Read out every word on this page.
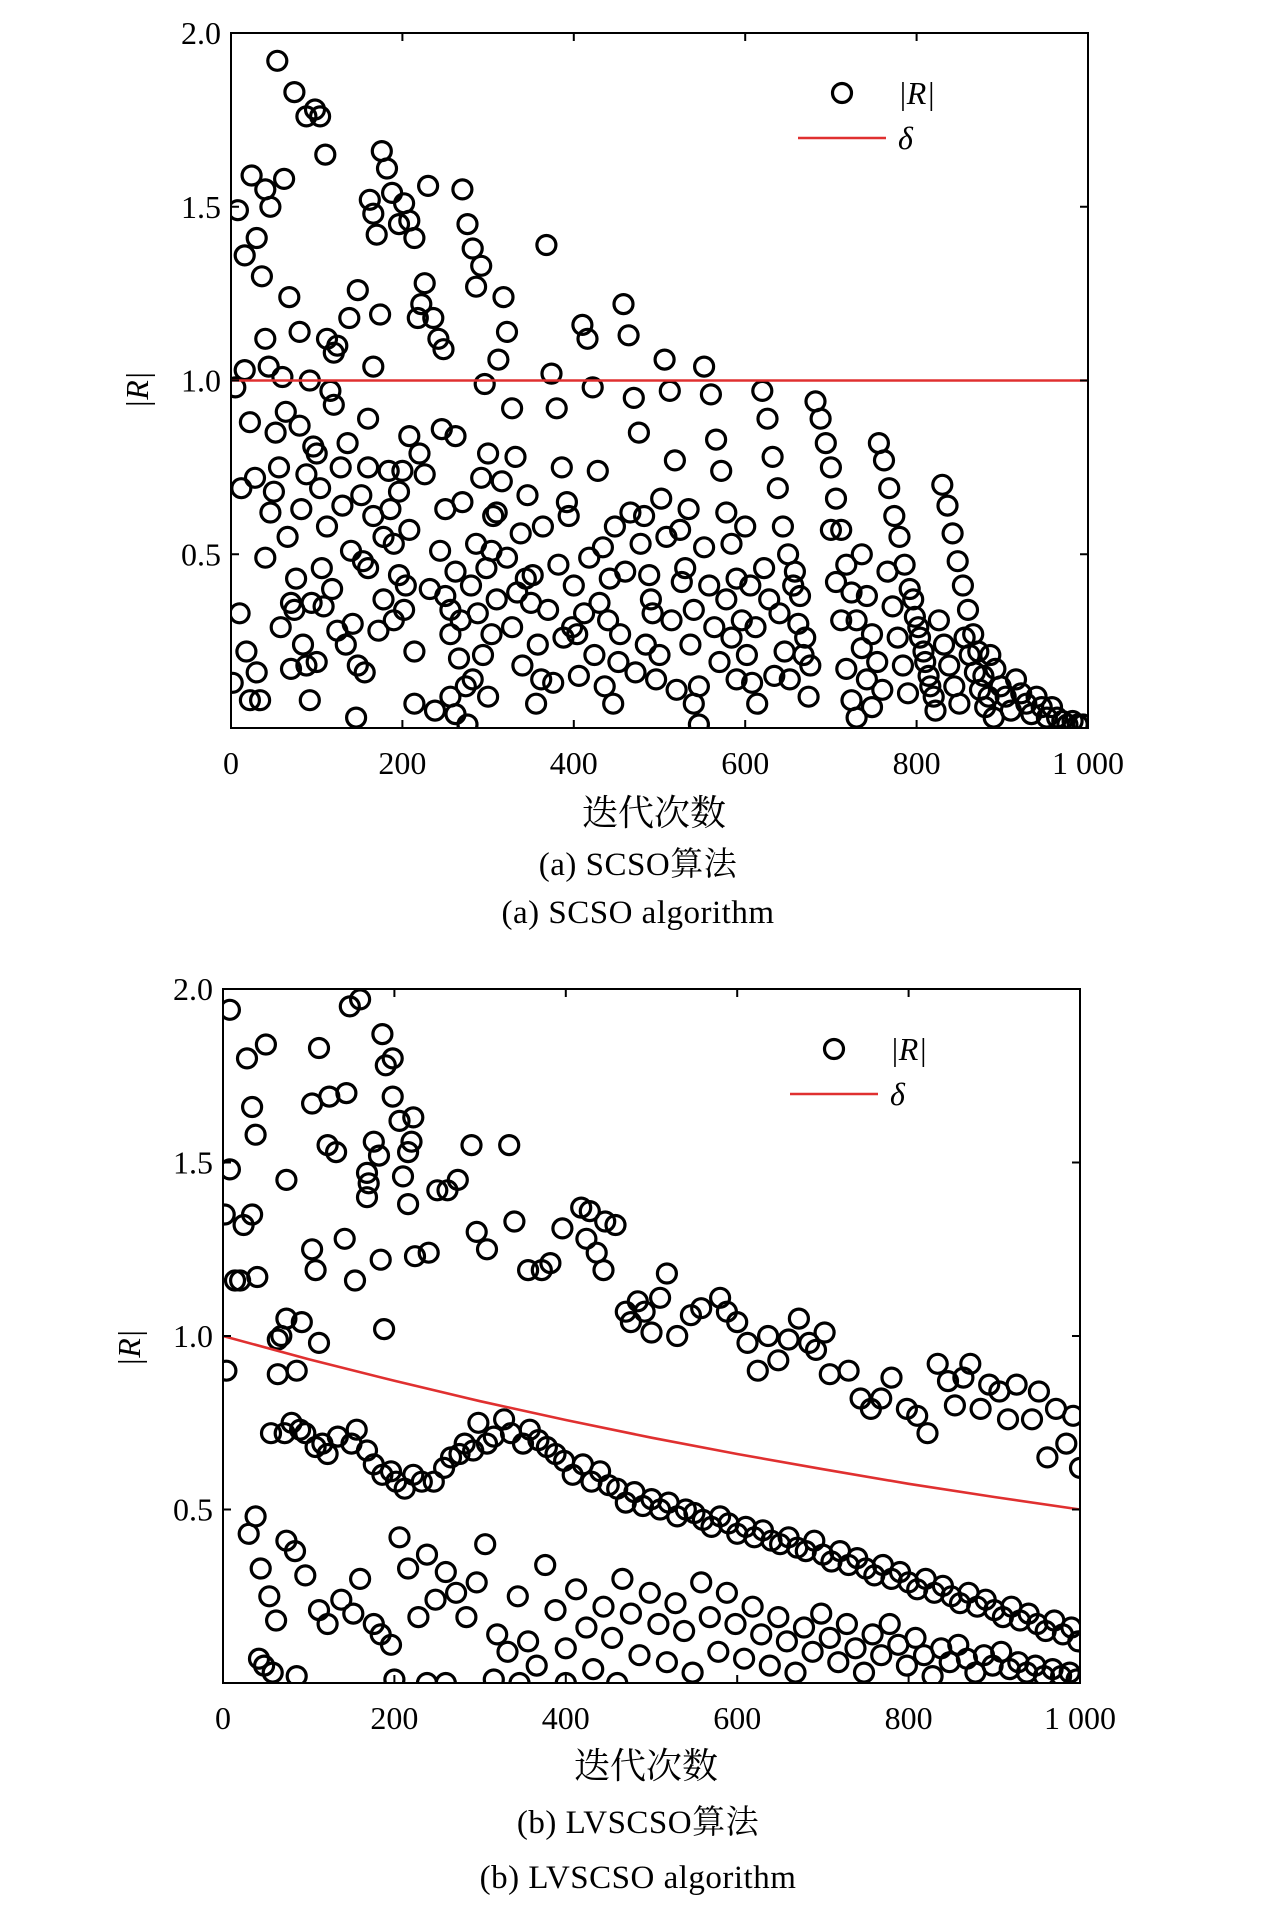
0	200	400	600	800	1 000
0.5
1.0
1.5
2.0
|R|
δ
|R|
迭代次数
(a) SCSO算法
(a) SCSO algorithm
0	200	400	600	800	1 000
0.5
1.0
1.5
2.0
|R|
δ
|R|
迭代次数
(b) LVSCSO算法
(b) LVSCSO algorithm
